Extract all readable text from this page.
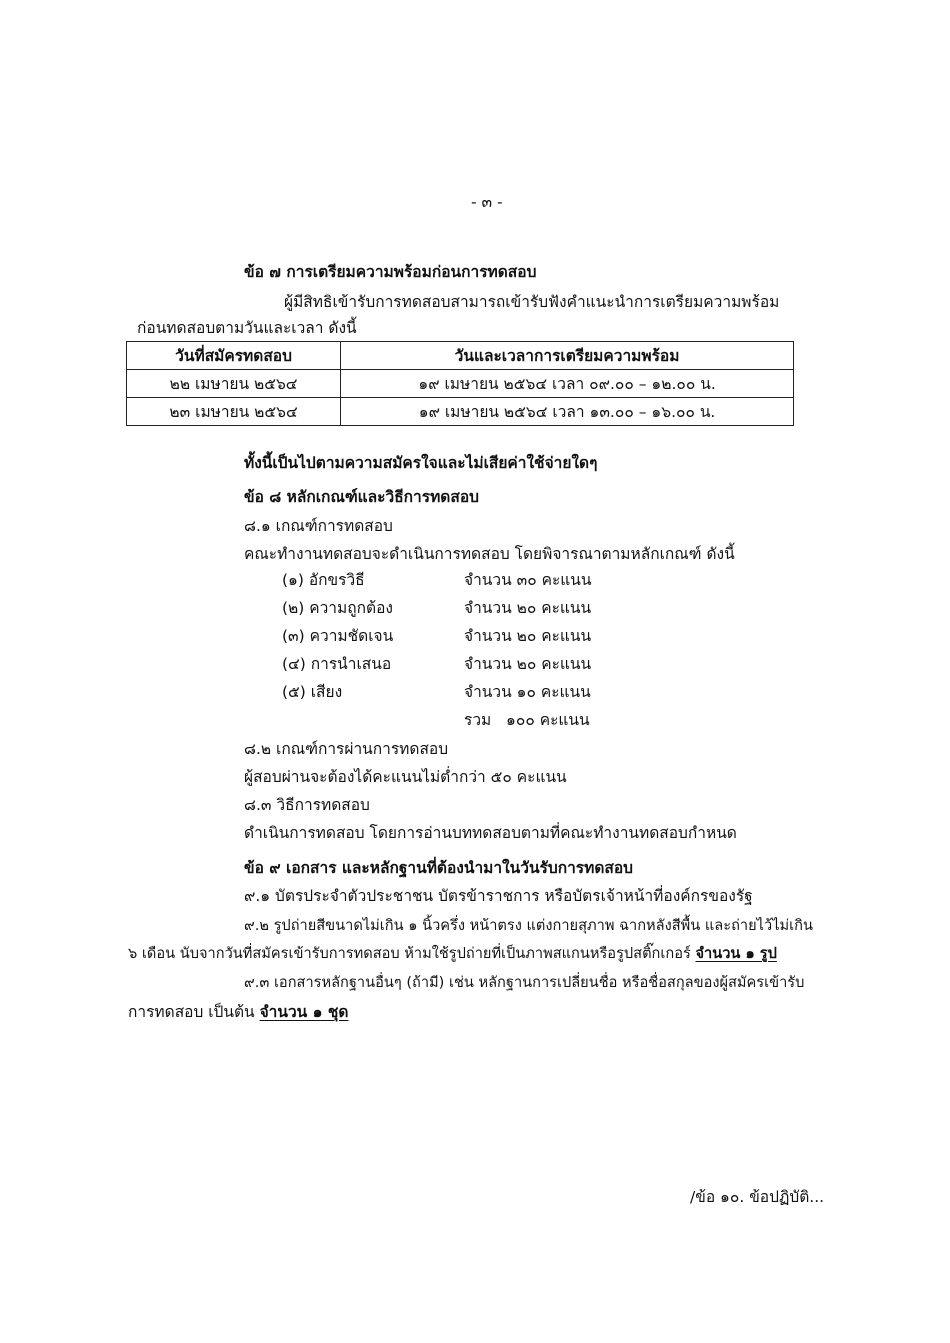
- ๓ -
ข้อ ๗ การเตรียมความพร้อมก่อนการทดสอบ
ผู้มีสิทธิเข้ารับการทดสอบสามารถเข้ารับฟังคำแนะนำการเตรียมความพร้อม
ก่อนทดสอบตามวันและเวลา ดังนี้
วันที่สมัครทดสอบ	วันและเวลาการเตรียมความพร้อม
๒๒ เมษายน ๒๕๖๔	๑๙ เมษายน ๒๕๖๔ เวลา ๐๙.๐๐ – ๑๒.๐๐ น.
๒๓ เมษายน ๒๕๖๔	๑๙ เมษายน ๒๕๖๔ เวลา ๑๓.๐๐ – ๑๖.๐๐ น.
ทั้งนี้เป็นไปตามความสมัครใจและไม่เสียค่าใช้จ่ายใดๆ
ข้อ ๘ หลักเกณฑ์และวิธีการทดสอบ
๘.๑ เกณฑ์การทดสอบ
คณะทำงานทดสอบจะดำเนินการทดสอบ โดยพิจารณาตามหลักเกณฑ์ ดังนี้
(๑) อักขรวิธี	จำนวน ๓๐ คะแนน
(๒) ความถูกต้อง	จำนวน ๒๐ คะแนน
(๓) ความชัดเจน	จำนวน ๒๐ คะแนน
(๔) การนำเสนอ	จำนวน ๒๐ คะแนน
(๕) เสียง	จำนวน ๑๐ คะแนน
รวม   ๑๐๐ คะแนน
๘.๒ เกณฑ์การผ่านการทดสอบ
ผู้สอบผ่านจะต้องได้คะแนนไม่ต่ำกว่า ๕๐ คะแนน
๘.๓ วิธีการทดสอบ
ดำเนินการทดสอบ โดยการอ่านบททดสอบตามที่คณะทำงานทดสอบกำหนด
ข้อ ๙ เอกสาร และหลักฐานที่ต้องนำมาในวันรับการทดสอบ
๙.๑ บัตรประจำตัวประชาชน บัตรข้าราชการ หรือบัตรเจ้าหน้าที่องค์กรของรัฐ
๙.๒ รูปถ่ายสีขนาดไม่เกิน ๑ นิ้วครึ่ง หน้าตรง แต่งกายสุภาพ ฉากหลังสีพื้น และถ่ายไว้ไม่เกิน
๖ เดือน นับจากวันที่สมัครเข้ารับการทดสอบ ห้ามใช้รูปถ่ายที่เป็นภาพสแกนหรือรูปสติ๊กเกอร์ จำนวน ๑ รูป
๙.๓ เอกสารหลักฐานอื่นๆ (ถ้ามี) เช่น หลักฐานการเปลี่ยนชื่อ หรือชื่อสกุลของผู้สมัครเข้ารับ
การทดสอบ เป็นต้น จำนวน ๑ ชุด
/ข้อ ๑๐. ข้อปฏิบัติ...
